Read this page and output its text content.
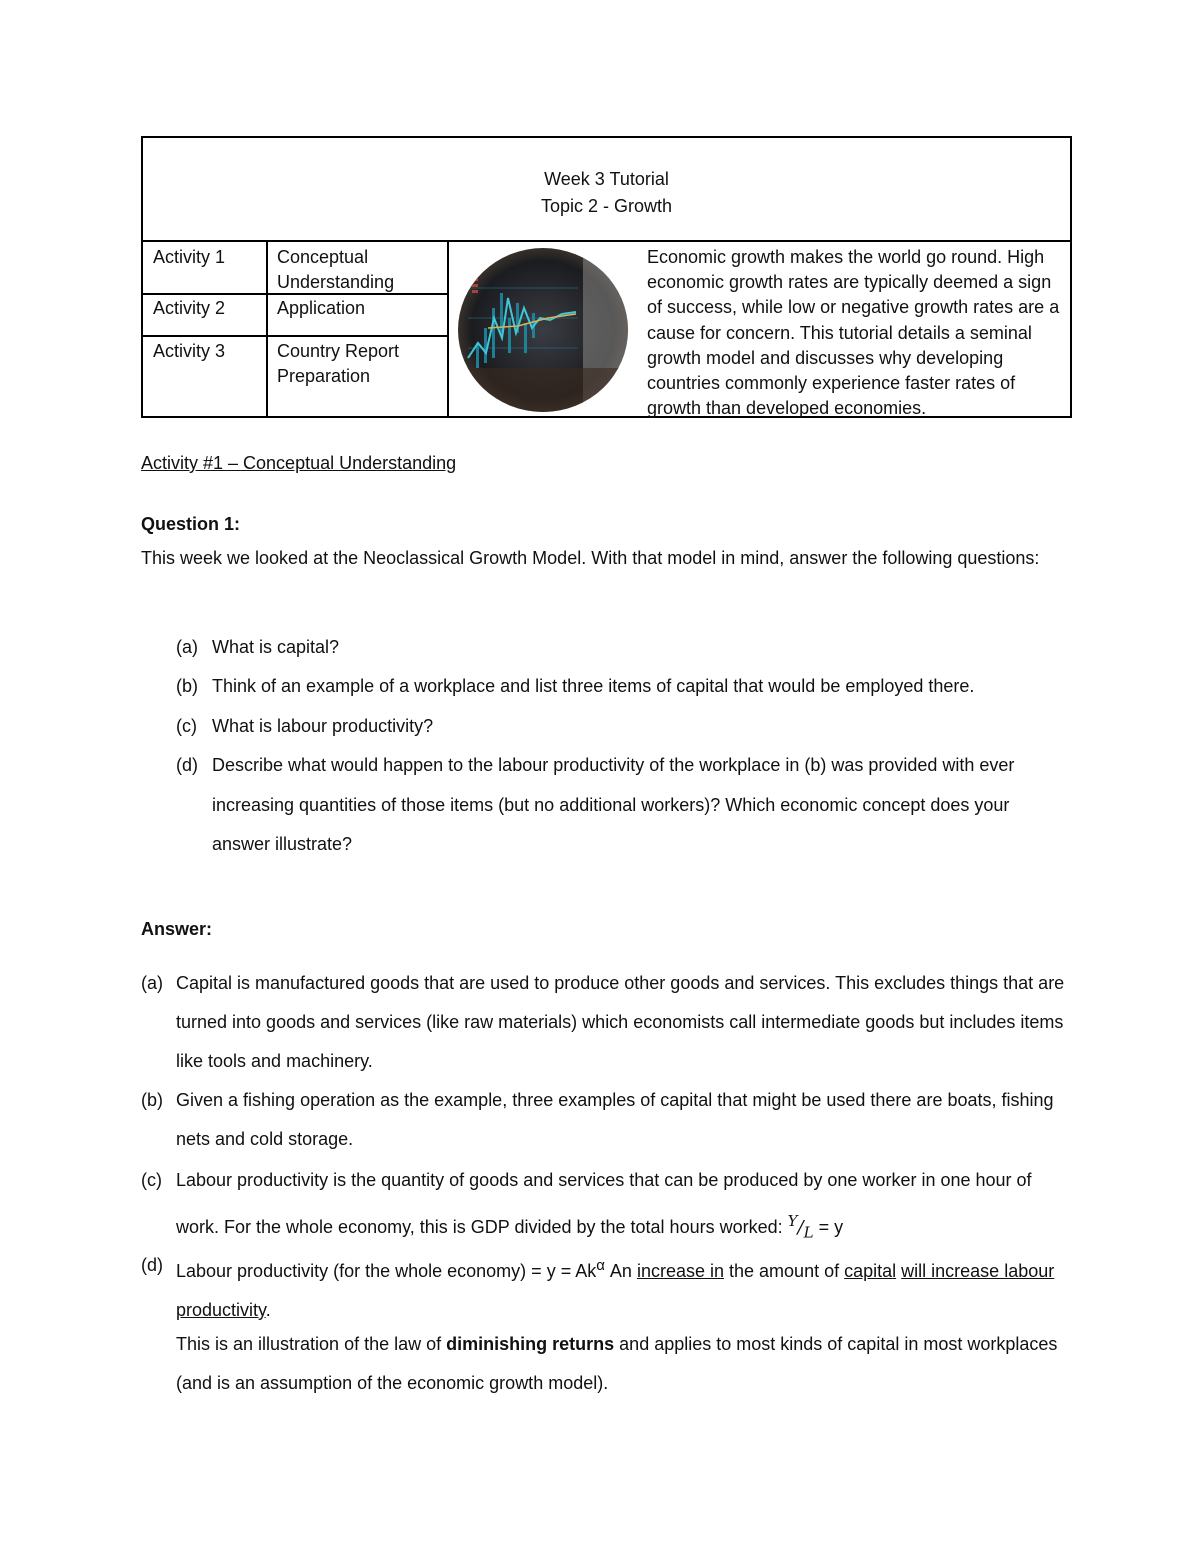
Week 3 Tutorial
Topic 2 - Growth
Activity 1	Conceptual Understanding
Activity 2	Application
Activity 3	Country Report Preparation
Economic growth makes the world go round. High economic growth rates are typically deemed a sign of success, while low or negative growth rates are a cause for concern. This tutorial details a seminal growth model and discusses why developing countries commonly experience faster rates of growth than developed economies.
Activity #1 – Conceptual Understanding
Question 1:
This week we looked at the Neoclassical Growth Model. With that model in mind, answer the following questions:
(a) What is capital?
(b) Think of an example of a workplace and list three items of capital that would be employed there.
(c) What is labour productivity?
(d) Describe what would happen to the labour productivity of the workplace in (b) was provided with ever increasing quantities of those items (but no additional workers)? Which economic concept does your answer illustrate?
Answer:
(a) Capital is manufactured goods that are used to produce other goods and services. This excludes things that are turned into goods and services (like raw materials) which economists call intermediate goods but includes items like tools and machinery.
(b) Given a fishing operation as the example, three examples of capital that might be used there are boats, fishing nets and cold storage.
(c) Labour productivity is the quantity of goods and services that can be produced by one worker in one hour of work. For the whole economy, this is GDP divided by the total hours worked: $^Y/_L = y$
(d) Labour productivity (for the whole economy) = $y = Ak^\alpha$ An increase in the amount of capital will increase labour productivity.
This is an illustration of the law of diminishing returns and applies to most kinds of capital in most workplaces (and is an assumption of the economic growth model).
